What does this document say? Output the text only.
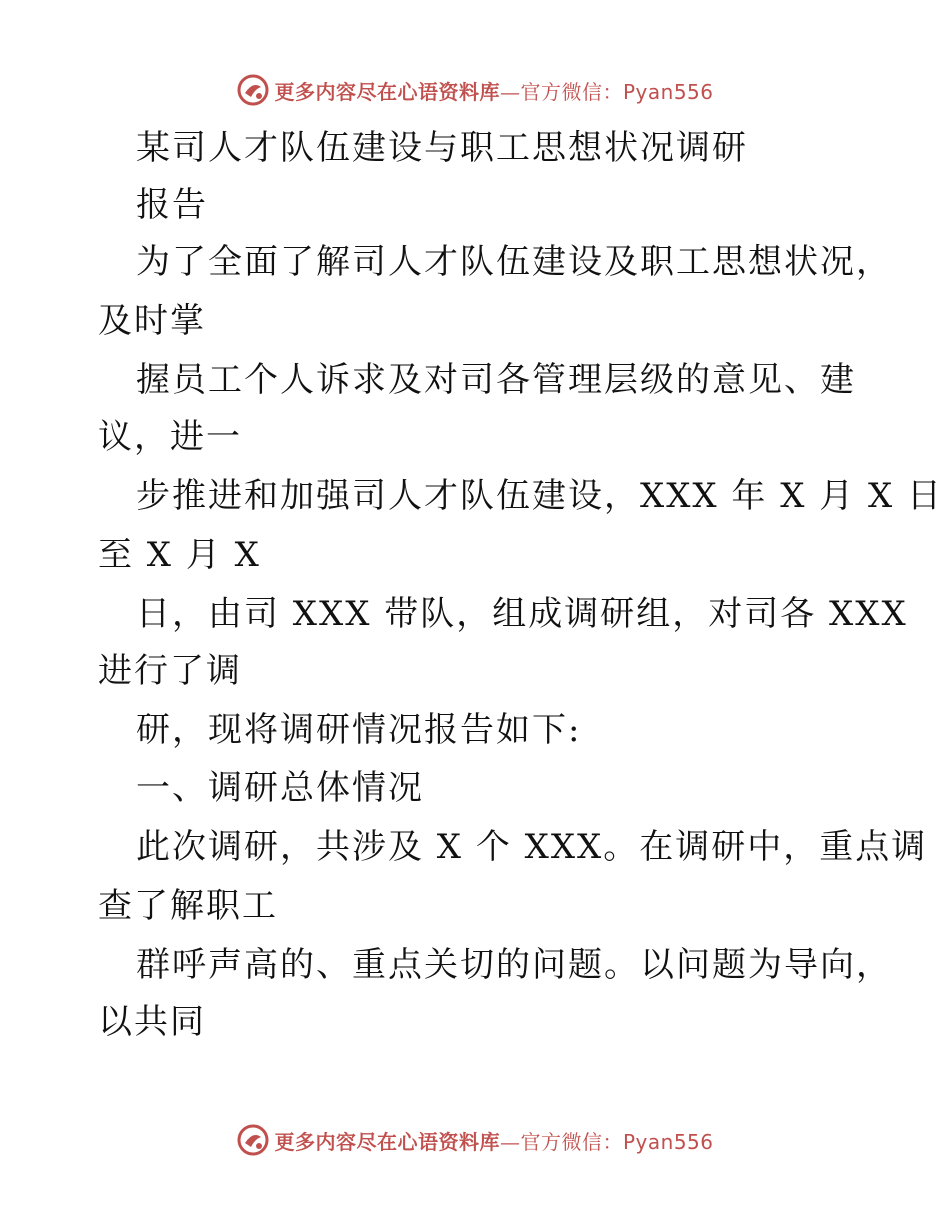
更多内容尽在心语资料库—官方微信：Pyan556
某司人才队伍建设与职工思想状况调研
报告
为了全面了解司人才队伍建设及职工思想状况，
及时掌
握员工个人诉求及对司各管理层级的意见、建
议，进一
步推进和加强司人才队伍建设，XXX 年 X 月 X 日
至 X 月 X
日，由司 XXX 带队，组成调研组，对司各 XXX
进行了调
研，现将调研情况报告如下:
一、调研总体情况
此次调研，共涉及 X 个 XXX。在调研中，重点调
查了解职工
群呼声高的、重点关切的问题。以问题为导向，
以共同
更多内容尽在心语资料库—官方微信：Pyan556
